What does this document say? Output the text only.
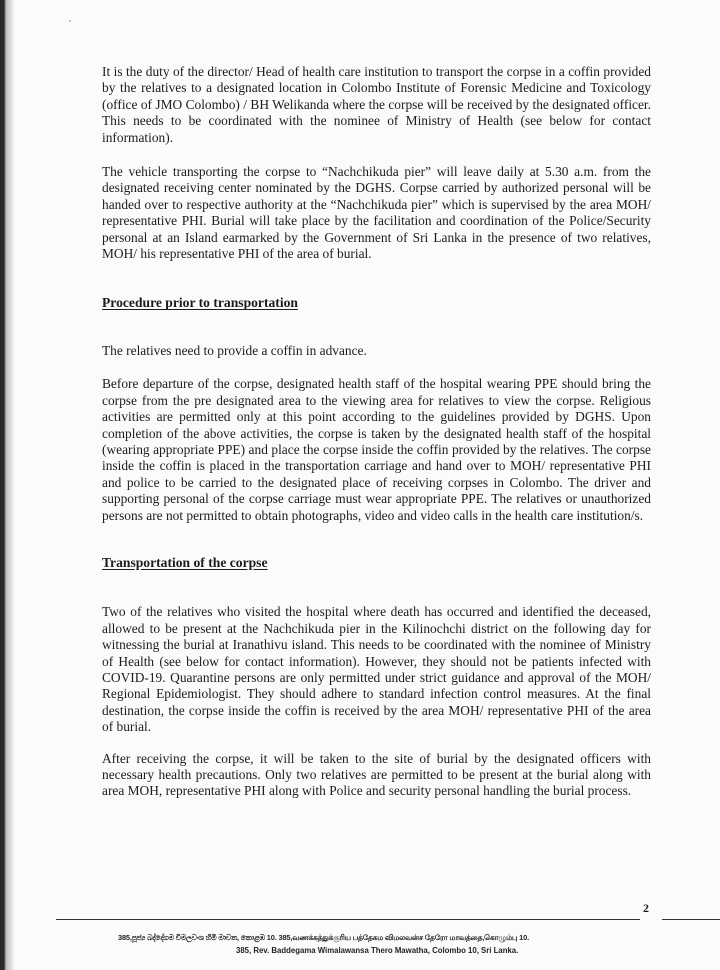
It is the duty of the director/ Head of health care institution to transport the corpse in a coffin provided by the relatives to a designated location in Colombo Institute of Forensic Medicine and Toxicology (office of JMO Colombo) / BH Welikanda where the corpse will be received by the designated officer. This needs to be coordinated with the nominee of Ministry of Health (see below for contact information).

The vehicle transporting the corpse to “Nachchikuda pier” will leave daily at 5.30 a.m. from the designated receiving center nominated by the DGHS. Corpse carried by authorized personal will be handed over to respective authority at the “Nachchikuda pier” which is supervised by the area MOH/ representative PHI. Burial will take place by the facilitation and coordination of the Police/Security personal at an Island earmarked by the Government of Sri Lanka in the presence of two relatives, MOH/ his representative PHI of the area of burial.

Procedure prior to transportation

The relatives need to provide a coffin in advance.

Before departure of the corpse, designated health staff of the hospital wearing PPE should bring the corpse from the pre designated area to the viewing area for relatives to view the corpse. Religious activities are permitted only at this point according to the guidelines provided by DGHS. Upon completion of the above activities, the corpse is taken by the designated health staff of the hospital (wearing appropriate PPE) and place the corpse inside the coffin provided by the relatives. The corpse inside the coffin is placed in the transportation carriage and hand over to MOH/ representative PHI and police to be carried to the designated place of receiving corpses in Colombo. The driver and supporting personal of the corpse carriage must wear appropriate PPE. The relatives or unauthorized persons are not permitted to obtain photographs, video and video calls in the health care institution/s.

Transportation of the corpse

Two of the relatives who visited the hospital where death has occurred and identified the deceased, allowed to be present at the Nachchikuda pier in the Kilinochchi district on the following day for witnessing the burial at Iranathivu island. This needs to be coordinated with the nominee of Ministry of Health (see below for contact information). However, they should not be patients infected with COVID-19. Quarantine persons are only permitted under strict guidance and approval of the MOH/ Regional Epidemiologist. They should adhere to standard infection control measures. At the final destination, the corpse inside the coffin is received by the area MOH/ representative PHI of the area of burial.

After receiving the corpse, it will be taken to the site of burial by the designated officers with necessary health precautions. Only two relatives are permitted to be present at the burial along with area MOH, representative PHI along with Police and security personal handling the burial process.

2
385,පූජ්‍ය බද්දේගම විමලවංශ හිමි මාවත, කොළඹ 10. 385,வணக்கத்துக்குரிய பத்தேகம விமலவன்ச தேரோ மாவத்தை,கொழும்பு 10.
385, Rev. Baddegama Wimalawansa Thero Mawatha, Colombo 10, Sri Lanka.
